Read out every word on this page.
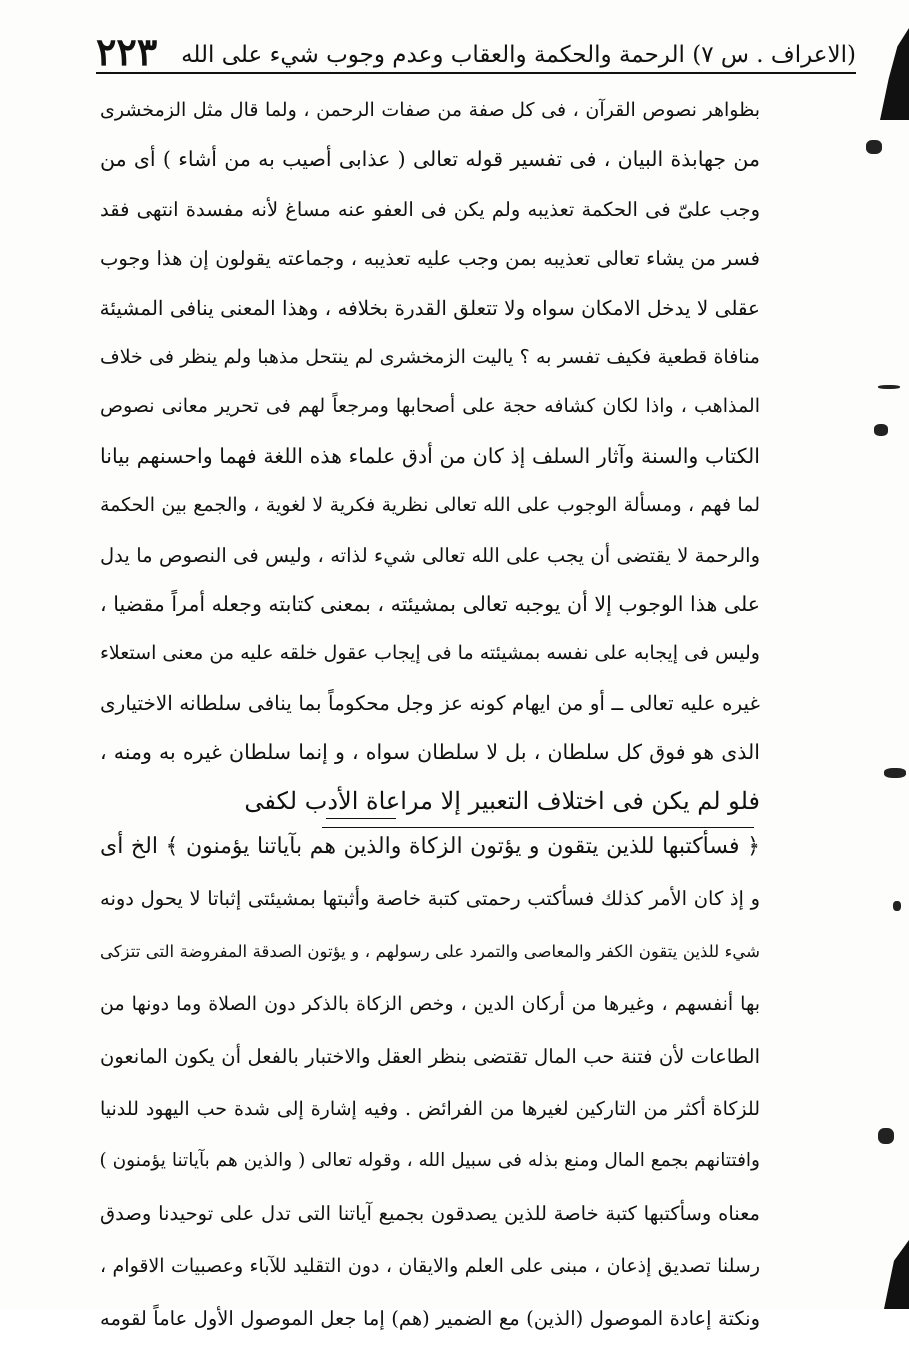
(الاعراف . س ٧) الرحمة والحكمة والعقاب وعدم وجوب شيء على الله
٢٢٣
بظواهر نصوص القرآن ، فى كل صفة من صفات الرحمن ، ولما قال مثل الزمخشرى
من جهابذة البيان ، فى تفسير قوله تعالى ( عذابى أصيب به من أشاء ) أى من
وجب علىّ فى الحكمة تعذيبه ولم يكن فى العفو عنه مساغ لأنه مفسدة انتهى فقد
فسر من يشاء تعالى تعذيبه بمن وجب عليه تعذيبه ، وجماعته يقولون إن هذا وجوب
عقلى لا يدخل الامكان سواه ولا تتعلق القدرة بخلافه ، وهذا المعنى ينافى المشيئة
منافاة قطعية فكيف تفسر به ؟ ياليت الزمخشرى لم ينتحل مذهبا ولم ينظر فى خلاف
المذاهب ، واذا لكان كشافه حجة على أصحابها ومرجعاً لهم فى تحرير معانى نصوص
الكتاب والسنة وآثار السلف إذ كان من أدق علماء هذه اللغة فهما واحسنهم بيانا
لما فهم ، ومسألة الوجوب على الله تعالى نظرية فكرية لا لغوية ، والجمع بين الحكمة
والرحمة لا يقتضى أن يجب على الله تعالى شيء لذاته ، وليس فى النصوص ما يدل
على هذا الوجوب إلا أن يوجبه تعالى بمشيئته ، بمعنى كتابته وجعله أمراً مقضيا ،
وليس فى إيجابه على نفسه بمشيئته ما فى إيجاب عقول خلقه عليه من معنى استعلاء
غيره عليه تعالى ــ أو من ايهام كونه عز وجل محكوماً بما ينافى سلطانه الاختيارى
الذى هو فوق كل سلطان ، بل لا سلطان سواه ، و إنما سلطان غيره به ومنه ،
فلو لم يكن فى اختلاف التعبير إلا مراعاة الأدب لكفى
﴿ فسأكتبها للذين يتقون و يؤتون الزكاة والذين هم بآياتنا يؤمنون ﴾ الخ أى
و إذ كان الأمر كذلك فسأكتب رحمتى كتبة خاصة وأثبتها بمشيئتى إثباتا لا يحول دونه
شيء للذين يتقون الكفر والمعاصى والتمرد على رسولهم ، و يؤتون الصدقة المفروضة التى تتزكى
بها أنفسهم ، وغيرها من أركان الدين ، وخص الزكاة بالذكر دون الصلاة وما دونها من
الطاعات لأن فتنة حب المال تقتضى بنظر العقل والاختبار بالفعل أن يكون المانعون
للزكاة أكثر من التاركين لغيرها من الفرائض . وفيه إشارة إلى شدة حب اليهود للدنيا
وافتتانهم بجمع المال ومنع بذله فى سبيل الله ، وقوله تعالى ( والذين هم بآياتنا يؤمنون )
معناه وسأكتبها كتبة خاصة للذين يصدقون بجميع آياتنا التى تدل على توحيدنا وصدق
رسلنا تصديق إذعان ، مبنى على العلم والايقان ، دون التقليد للآباء وعصبيات الاقوام ،
ونكتة إعادة الموصول (الذين) مع الضمير (هم) إما جعل الموصول الأول عاماً لقومه
